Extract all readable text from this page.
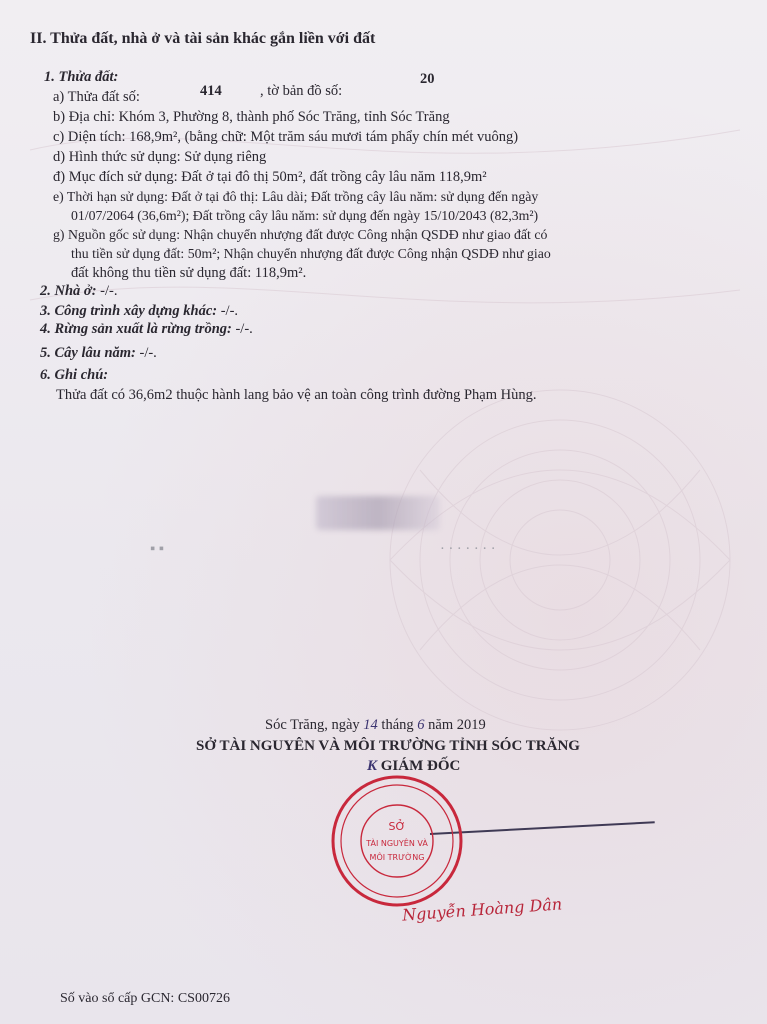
▪ ▪	· · · · · · ·
II. Thửa đất, nhà ở và tài sản khác gắn liền với đất
1. Thửa đất:
a) Thửa đất số:	414	, tờ bản đồ số:
20
b) Địa chỉ: Khóm 3, Phường 8, thành phố Sóc Trăng, tỉnh Sóc Trăng
c) Diện tích: 168,9m², (bằng chữ: Một trăm sáu mươi tám phẩy chín mét vuông)
d) Hình thức sử dụng: Sử dụng riêng
đ) Mục đích sử dụng: Đất ở tại đô thị 50m², đất trồng cây lâu năm 118,9m²
e) Thời hạn sử dụng: Đất ở tại đô thị: Lâu dài; Đất trồng cây lâu năm: sử dụng đến ngày
01/07/2064 (36,6m²); Đất trồng cây lâu năm: sử dụng đến ngày 15/10/2043 (82,3m²)
g) Nguồn gốc sử dụng: Nhận chuyển nhượng đất được Công nhận QSDĐ như giao đất có
thu tiền sử dụng đất: 50m²; Nhận chuyển nhượng đất được Công nhận QSDĐ như giao
đất không thu tiền sử dụng đất: 118,9m².
2. Nhà ở: -/-.
3. Công trình xây dựng khác: -/-.
4. Rừng sản xuất là rừng trồng: -/-.
5. Cây lâu năm: -/-.
6. Ghi chú:
Thửa đất có 36,6m2 thuộc hành lang bảo vệ an toàn công trình đường Phạm Hùng.
Sóc Trăng, ngày 14 tháng 6 năm 2019
SỞ TÀI NGUYÊN VÀ MÔI TRƯỜNG TỈNH SÓC TRĂNG
K GIÁM ĐỐC
SỞ
TÀI NGUYÊN VÀ
MÔI TRƯỜNG
Nguyễn Hoàng Dân
Số vào sổ cấp GCN: CS00726
